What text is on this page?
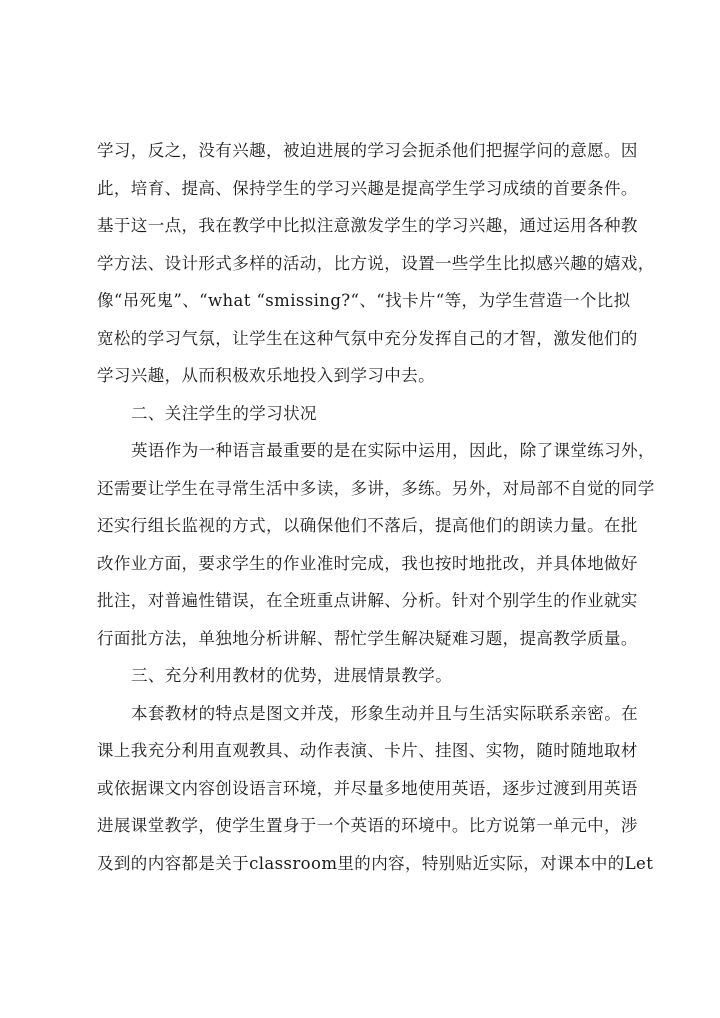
学习，反之，没有兴趣，被迫进展的学习会扼杀他们把握学问的意愿。因
此，培育、提高、保持学生的学习兴趣是提高学生学习成绩的首要条件。
基于这一点，我在教学中比拟注意激发学生的学习兴趣，通过运用各种教
学方法、设计形式多样的活动，比方说，设置一些学生比拟感兴趣的嬉戏，
像“吊死鬼”、“what “smissing?“、“找卡片“等，为学生营造一个比拟
宽松的学习气氛，让学生在这种气氛中充分发挥自己的才智，激发他们的
学习兴趣，从而积极欢乐地投入到学习中去。
二、关注学生的学习状况
英语作为一种语言最重要的是在实际中运用，因此，除了课堂练习外，
还需要让学生在寻常生活中多读，多讲，多练。另外，对局部不自觉的同学
还实行组长监视的方式，以确保他们不落后，提高他们的朗读力量。在批
改作业方面，要求学生的作业准时完成，我也按时地批改，并具体地做好
批注，对普遍性错误，在全班重点讲解、分析。针对个别学生的作业就实
行面批方法，单独地分析讲解、帮忙学生解决疑难习题，提高教学质量。
三、充分利用教材的优势，进展情景教学。
本套教材的特点是图文并茂，形象生动并且与生活实际联系亲密。在
课上我充分利用直观教具、动作表演、卡片、挂图、实物，随时随地取材
或依据课文内容创设语言环境，并尽量多地使用英语，逐步过渡到用英语
进展课堂教学，使学生置身于一个英语的环境中。比方说第一单元中，涉
及到的内容都是关于classroom里的内容，特别贴近实际，对课本中的Let
